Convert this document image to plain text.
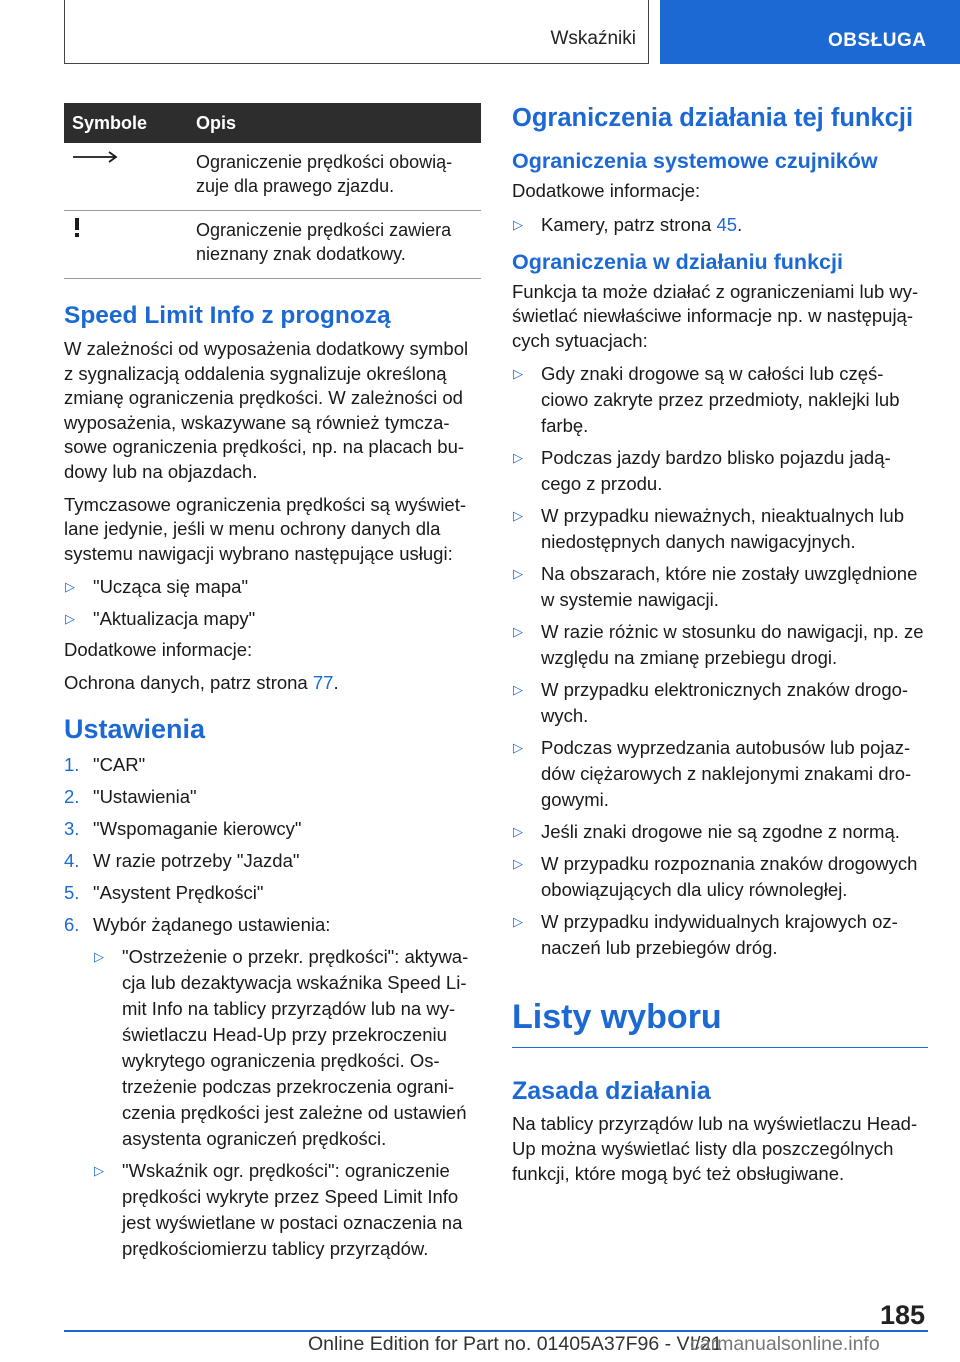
Wskaźniki	OBSŁUGA
Symbole	Opis
	Ograniczenie prędkości obowią-zuje dla prawego zjazdu.
	Ograniczenie prędkości zawiera nieznany znak dodatkowy.
Speed Limit Info z prognozą

W zależności od wyposażenia dodatkowy symbol z sygnalizacją oddalenia sygnalizuje określoną zmianę ograniczenia prędkości. W zależności od wyposażenia, wskazywane są również tymcza-sowe ograniczenia prędkości, np. na placach bu-dowy lub na objazdach.

Tymczasowe ograniczenia prędkości są wyświet-lane jedynie, jeśli w menu ochrony danych dla systemu nawigacji wybrano następujące usługi:

▷ "Ucząca się mapa"
▷ "Aktualizacja mapy"

Dodatkowe informacje:

Ochrona danych, patrz strona 77.

Ustawienia
1. "CAR"
2. "Ustawienia"
3. "Wspomaganie kierowcy"
4. W razie potrzeby "Jazda"
5. "Asystent Prędkości"
6. Wybór żądanego ustawienia:
▷ "Ostrzeżenie o przekr. prędkości": aktywa-cja lub dezaktywacja wskaźnika Speed Li-mit Info na tablicy przyrządów lub na wy-świetlaczu Head-Up przy przekroczeniu wykrytego ograniczenia prędkości. Os-trzeżenie podczas przekroczenia ograni-czenia prędkości jest zależne od ustawień asystenta ograniczeń prędkości.
▷ "Wskaźnik ogr. prędkości": ograniczenie prędkości wykryte przez Speed Limit Info jest wyświetlane w postaci oznaczenia na prędkościomierzu tablicy przyrządów.
Ograniczenia działania tej funkcji
Ograniczenia systemowe czujników

Dodatkowe informacje:

▷ Kamery, patrz strona 45.
Ograniczenia w działaniu funkcji

Funkcja ta może działać z ograniczeniami lub wy-świetlać niewłaściwe informacje np. w następują-cych sytuacjach:

▷ Gdy znaki drogowe są w całości lub częś-ciowo zakryte przez przedmioty, naklejki lub farbę.
▷ Podczas jazdy bardzo blisko pojazdu jadą-cego z przodu.
▷ W przypadku nieważnych, nieaktualnych lub niedostępnych danych nawigacyjnych.
▷ Na obszarach, które nie zostały uwzględnione w systemie nawigacji.
▷ W razie różnic w stosunku do nawigacji, np. ze względu na zmianę przebiegu drogi.
▷ W przypadku elektronicznych znaków drogo-wych.
▷ Podczas wyprzedzania autobusów lub pojaz-dów ciężarowych z naklejonymi znakami dro-gowymi.
▷ Jeśli znaki drogowe nie są zgodne z normą.
▷ W przypadku rozpoznania znaków drogowych obowiązujących dla ulicy równoległej.
▷ W przypadku indywidualnych krajowych oz-naczeń lub przebiegów dróg.
Listy wyboru
Zasada działania

Na tablicy przyrządów lub na wyświetlaczu Head-Up można wyświetlać listy dla poszczególnych funkcji, które mogą być też obsługiwane.

185
Online Edition for Part no. 01405A37F96 - VI/21
carmanualsonline.info
